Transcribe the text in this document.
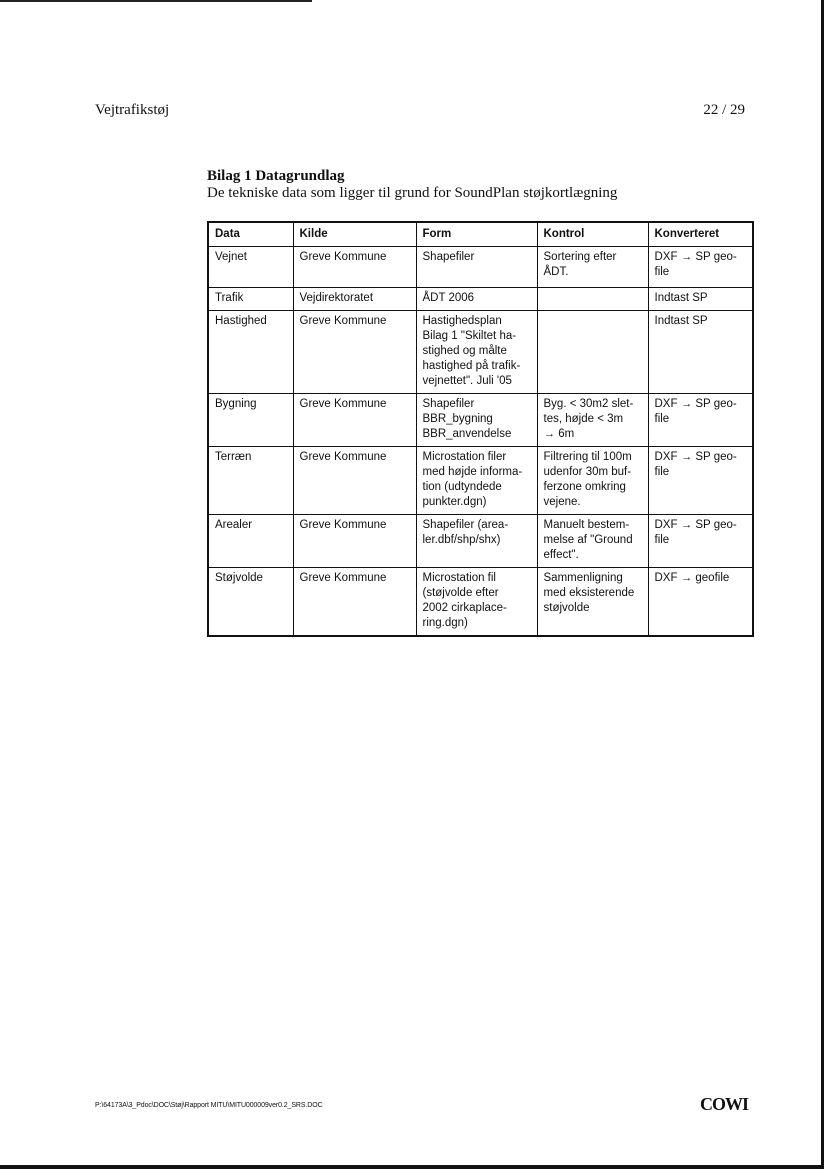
Vejtrafikstøj	22 / 29
Bilag 1 Datagrundlag
De tekniske data som ligger til grund for SoundPlan støjkortlægning
Data	Kilde	Form	Kontrol	Konverteret
Vejnet	Greve Kommune	Shapefiler	Sortering efter
ÅDT.	DXF → SP geo-
file
Trafik	Vejdirektoratet	ÅDT 2006		Indtast SP
Hastighed	Greve Kommune	Hastighedsplan
Bilag 1 "Skiltet ha-
stighed og målte
hastighed på trafik-
vejnettet". Juli '05		Indtast SP
Bygning	Greve Kommune	Shapefiler
BBR_bygning
BBR_anvendelse	Byg. < 30m2 slet-
tes, højde < 3m
→ 6m	DXF → SP geo-
file
Terræn	Greve Kommune	Microstation filer
med højde informa-
tion (udtyndede
punkter.dgn)	Filtrering til 100m
udenfor 30m buf-
ferzone omkring
vejene.	DXF → SP geo-
file
Arealer	Greve Kommune	Shapefiler (area-
ler.dbf/shp/shx)	Manuelt bestem-
melse af "Ground
effect".	DXF → SP geo-
file
Støjvolde	Greve Kommune	Microstation fil
(støjvolde efter
2002 cirkaplace-
ring.dgn)	Sammenligning
med eksisterende
støjvolde	DXF → geofile
P:\64173A\3_Pdoc\DOC\Støj\Rapport MITU\MITU000009ver0.2_SRS.DOC	COWI
